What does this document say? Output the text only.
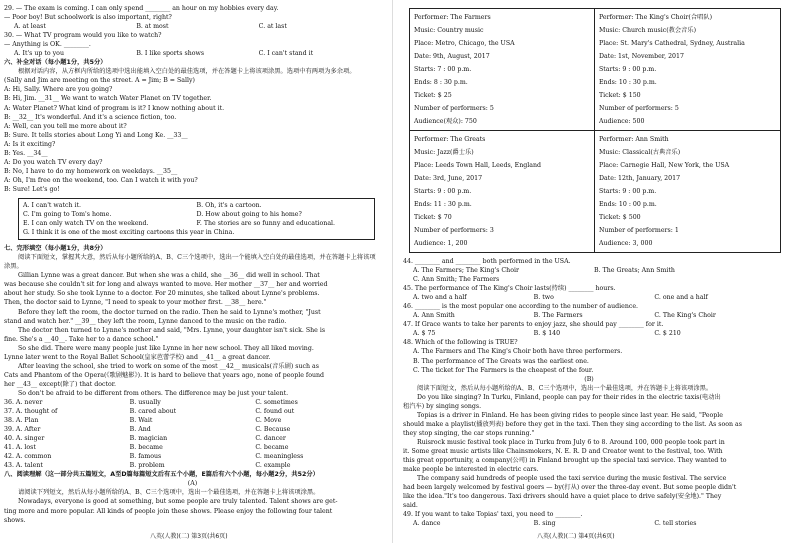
29. — The exam is coming. I can only spend ________ an hour on my hobbies every day.
— Poor boy! But schoolwork is also important, right?
A. at least	B. at most	C. at last
30. — What TV program would you like to watch?
— Anything is OK. ________.
A. It's up to you	B. I like sports shows	C. I can't stand it
六、补全对话（每小题1分，共5分）
根据对话内容，从方框内所给的选项中选出能填入空白处的最佳选项，并在答题卡上将该项涂黑。选项中有两项为多余项。
(Sally and Jim are meeting on the street. A = Jim; B = Sally)
A: Hi, Sally. Where are you going?
B: Hi, Jim. __31__ We want to watch Water Planet on TV together.
A: Water Planet? What kind of program is it? I know nothing about it.
B: __32__ It's wonderful. And it's a science fiction, too.
A: Well, can you tell me more about it?
B: Sure. It tells stories about Long Yi and Long Ke. __33__
A: Is it exciting?
B: Yes. __34__
A: Do you watch TV every day?
B: No, I have to do my homework on weekdays. __35__
A: Oh, I'm free on the weekend, too. Can I watch it with you?
B: Sure! Let's go!
A. I can't watch it.	B. Oh, it's a cartoon.
C. I'm going to Tom's home.	D. How about going to his home?
E. I can only watch TV on the weekend.	F. The stories are so funny and educational.
G. I think it is one of the most exciting cartoons this year in China.
七、完形填空（每小题1分，共8分）
阅读下面短文，掌握其大意，然后从每小题所给的A、B、C三个选项中，选出一个能填入空白处的最佳选项，并在答题卡上将该项涂黑。
Gillian Lynne was a great dancer. But when she was a child, she __36__ did well in school. That
was because she couldn't sit for long and always wanted to move. Her mother __37__ her and worried
about her study. So she took Lynne to a doctor. For 20 minutes, she talked about Lynne's problems.
Then, the doctor said to Lynne, "I need to speak to your mother first. __38__ here."
Before they left the room, the doctor turned on the radio. Then he said to Lynne's mother, "Just
stand and watch her." __39__ they left the room, Lynne danced to the music on the radio.
The doctor then turned to Lynne's mother and said, "Mrs. Lynne, your daughter isn't sick. She is
fine. She's a __40__. Take her to a dance school."
So she did. There were many people just like Lynne in her new school. They all liked moving.
Lynne later went to the Royal Ballet School(皇家芭蕾学校) and __41__ a great dancer.
After leaving the school, she tried to work on some of the most __42__ musicals(音乐剧) such as
Cats and Phantom of the Opera(《歌剧魅影》). It is hard to believe that years ago, none of people found
her __43__ except(除了) that doctor.
So don't be afraid to be different from others. The difference may be just your talent.
36. A. never	B. usually	C. sometimes
37. A. thought of	B. cared about	C. found out
38. A. Plan	B. Wait	C. Move
39. A. After	B. And	C. Because
40. A. singer	B. magician	C. dancer
41. A. lost	B. became	C. became
42. A. common	B. famous	C. meaningless
43. A. talent	B. problem	C. example
八、阅读理解（这一部分共五篇短文，A至D篇每篇短文后有五个小题，E篇后有六个小题，每小题2分，共52分）
(A)
请阅读下列短文，然后从每小题所给的A、B、C三个选项中，选出一个最佳选项，并在答题卡上将该项涂黑。
Nowadays, everyone is good at something, but some people are truly talented. Talent shows are get-
ting more and more popular. All kinds of people join these shows. Please enjoy the following four talent
shows.
八英(人教)(二) 第3页(共6页)
Performer: The Farmers
Music: Country music
Place: Metro, Chicago, the USA
Date: 9th, August, 2017
Starts: 7 : 00 p.m.
Ends: 8 : 30 p.m.
Ticket: $ 25
Number of performers: 5
Audience(观众): 750
Performer: The King's Choir(合唱队)
Music: Church music(教会音乐)
Place: St. Mary's Cathedral, Sydney, Australia
Date: 1st, November, 2017
Starts: 9 : 00 p.m.
Ends: 10 : 30 p.m.
Ticket: $ 150
Number of performers: 5
Audience: 500
Performer: The Greats
Music: Jazz(爵士乐)
Place: Leeds Town Hall, Leeds, England
Date: 3rd, June, 2017
Starts: 9 : 00 p.m.
Ends: 11 : 30 p.m.
Ticket: $ 70
Number of performers: 3
Audience: 1, 200
Performer: Ann Smith
Music: Classical(古典音乐)
Place: Carnegie Hall, New York, the USA
Date: 12th, January, 2017
Starts: 9 : 00 p.m.
Ends: 10 : 00 p.m.
Ticket: $ 500
Number of performers: 1
Audience: 3, 000
44. ________ and ________ both performed in the USA.
A. The Farmers; The King's Choir	B. The Greats; Ann Smith
C. Ann Smith; The Farmers
45. The performance of The King's Choir lasts(持续) ________ hours.
A. two and a half	B. two	C. one and a half
46. ________ is the most popular one according to the number of audience.
A. Ann Smith	B. The Farmers	C. The King's Choir
47. If Grace wants to take her parents to enjoy jazz, she should pay ________ for it.
A. $ 75	B. $ 140	C. $ 210
48. Which of the following is TRUE?
A. The Farmers and The King's Choir both have three performers.
B. The performance of The Greats was the earliest one.
C. The ticket for The Farmers is the cheapest of the four.
(B)
阅读下面短文，然后从每小题所给的A、B、C三个选项中，选出一个最佳选项，并在答题卡上将该项涂黑。
Do you like singing? In Turku, Finland, people can pay for their rides in the electric taxis(电动出
租汽车) by singing songs.
Topias is a driver in Finland. He has been giving rides to people since last year. He said, "People
should make a playlist(播放列表) before they get in the taxi. Then they sing according to the list. As soon as
they stop singing, the car stops running."
Ruisrock music festival took place in Turku from July 6 to 8. Around 100, 000 people took part in
it. Some great music artists like Chainsmokers, N. E. R. D and Creator went to the festival, too. With
this great opportunity, a company(公司) in Finland brought up the special taxi service. They wanted to
make people be interested in electric cars.
The company said hundreds of people used the taxi service during the music festival. The service
had been largely welcomed by festival goers — by(打从) over the three-day event. But some people didn't
like the idea."It's too dangerous. Taxi drivers should have a quiet place to drive safely(安全地)." They
said.
49. If you want to take Topias' taxi, you need to ________.
A. dance	B. sing	C. tell stories
八英(人教)(二) 第4页(共6页)
